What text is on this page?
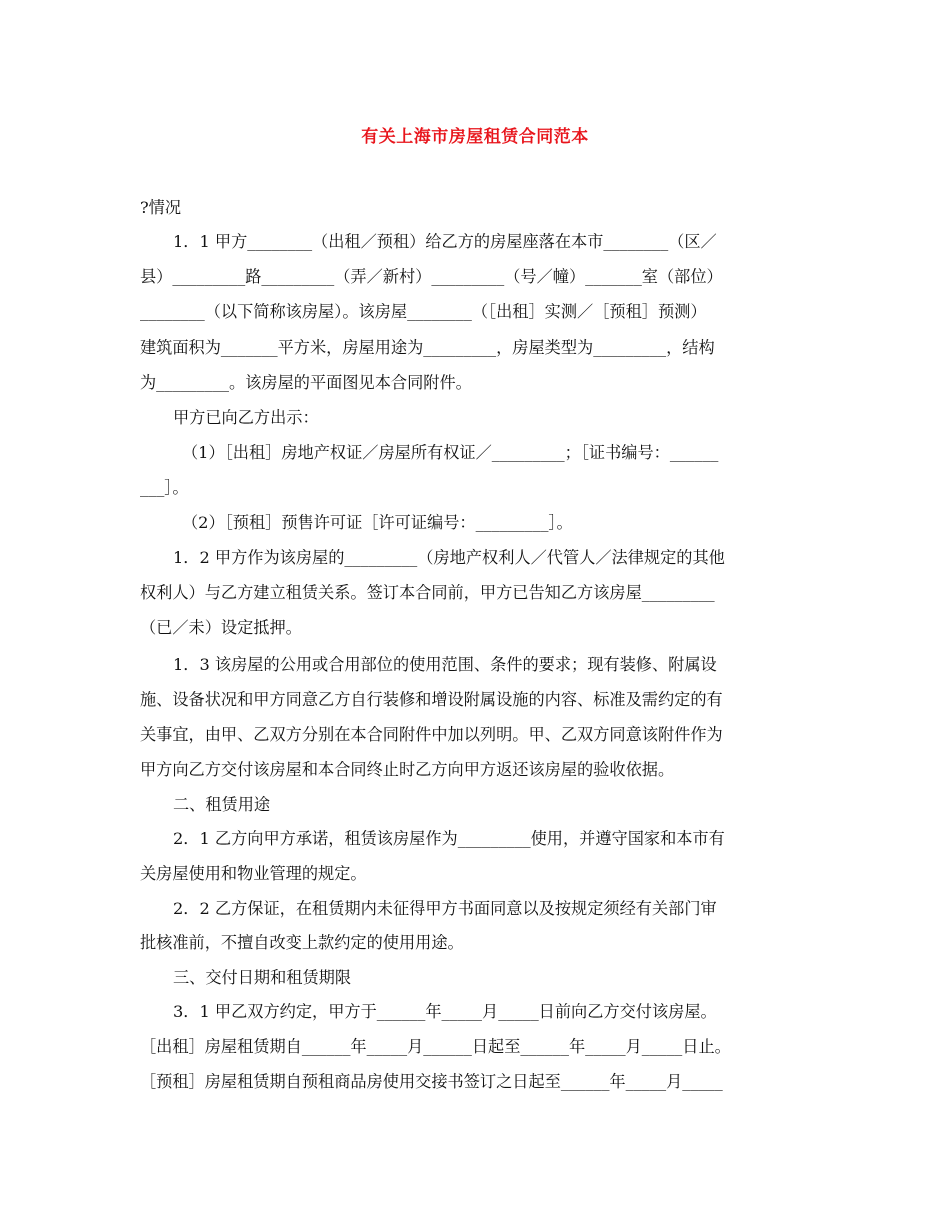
有关上海市房屋租赁合同范本
?情况
1．1 甲方________（出租／预租）给乙方的房屋座落在本市________（区／
县）_________路_________（弄／新村）_________（号／幢）_______室（部位）
________（以下简称该房屋）。该房屋________（［出租］实测／［预租］预测）
建筑面积为_______平方米，房屋用途为_________，房屋类型为_________，结构
为_________。该房屋的平面图见本合同附件。
甲方已向乙方出示：
（1）［出租］房地产权证／房屋所有权证／_________；［证书编号：______
___］。
（2）［预租］预售许可证［许可证编号：_________］。
1．2 甲方作为该房屋的_________（房地产权利人／代管人／法律规定的其他
权利人）与乙方建立租赁关系。签订本合同前，甲方已告知乙方该房屋_________
（已／未）设定抵押。
1．3 该房屋的公用或合用部位的使用范围、条件的要求；现有装修、附属设
施、设备状况和甲方同意乙方自行装修和增设附属设施的内容、标准及需约定的有
关事宜，由甲、乙双方分别在本合同附件中加以列明。甲、乙双方同意该附件作为
甲方向乙方交付该房屋和本合同终止时乙方向甲方返还该房屋的验收依据。
二、租赁用途
2．1 乙方向甲方承诺，租赁该房屋作为_________使用，并遵守国家和本市有
关房屋使用和物业管理的规定。
2．2 乙方保证，在租赁期内未征得甲方书面同意以及按规定须经有关部门审
批核准前，不擅自改变上款约定的使用用途。
三、交付日期和租赁期限
3．1 甲乙双方约定，甲方于______年_____月_____日前向乙方交付该房屋。
［出租］房屋租赁期自______年_____月______日起至______年_____月_____日止。
［预租］房屋租赁期自预租商品房使用交接书签订之日起至______年_____月_____
